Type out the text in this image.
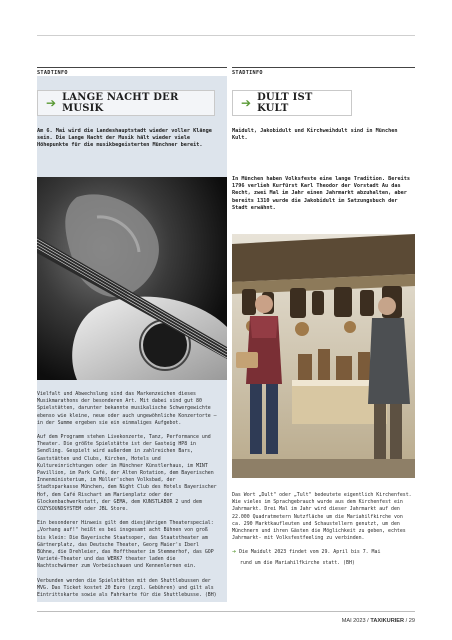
STADTINFO
➔ LANGE NACHT DER MUSIK
Am 6. Mai wird die Landeshauptstadt wieder voller Klänge sein. Die Lange Nacht der Musik hält wieder viele Höhepunkte für die musikbegeisterten Münchner bereit.

Vielfalt und Abwechslung sind das Markenzeichen dieses Musikmarathons der besonderen Art. Mit dabei sind gut 80 Spielstätten, darunter bekannte musikalische Schwergewichte ebenso wie kleine, neue oder auch ungewöhnliche Konzertorte – in der Summe ergeben sie ein einmaliges Aufgebot.

Auf dem Programm stehen Livekonzerte, Tanz, Performance und Theater. Die größte Spielstätte ist der Gasteig HP8 in Sendling. Gespielt wird außerdem in zahlreichen Bars, Gaststätten und Clubs, Kirchen, Hotels und Kultureinrichtungen oder im Münchner Künstlerhaus, im MINT Pavillion, im Park Café, der Alten Rotation, dem Bayerischen Innenministerium, im Müller'schen Volksbad, der Stadtsparkasse München, dem Night Club des Hotels Bayerischer Hof, dem Café Rischart am Marienplatz oder der Glockenbachwerkstatt, der GEMA, dem KUNSTLABOR 2 und dem COZYSOUNDSYSTEM oder JBL Store.

Ein besonderer Hinweis gilt dem diesjährigen Theaterspecial: „Vorhang auf!" heißt es bei insgesamt acht Bühnen von groß bis klein: Die Bayerische Staatsoper, das Staatstheater am Gärtnerplatz, das Deutsche Theater, Georg Maier's Iberl Bühne, die Drehleier, das Hofftheater im Stemmerhof, das GOP Varieté-Theater und das WERK7 theater laden die Nachtschwärmer zum Vorbeischauen und Kennenlernen ein.

Verbunden werden die Spielstätten mit den Shuttlebussen der MVG. Das Ticket kostet 20 Euro (zzgl. Gebühren) und gilt als Eintrittskarte sowie als Fahrkarte für die Shuttlebusse. (BH)

STADTINFO
➔ DULT IST KULT
Maidult, Jakobidult und Kirchweihdult sind in München Kult.
In München haben Volksfeste eine lange Tradition. Bereits 1796 verlieh Kurfürst Karl Theodor der Vorstadt Au das Recht, zwei Mal im Jahr einen Jahrmarkt abzuhalten, aber bereits 1310 wurde die Jakobidult im Satzungsbuch der Stadt erwähnt.

Das Wort „Dult" oder „Tult" bedeutete eigentlich Kirchenfest. Wie vieles im Sprachgebrauch wurde aus dem Kirchenfest ein Jahrmarkt. Drei Mal im Jahr wird dieser Jahrmarkt auf den 22.000 Quadratmetern Nutzfläche um die Mariahilfkirche von ca. 290 Marktkaufleuten und Schaustellern genutzt, um den Münchnern und ihren Gästen die Möglichkeit zu geben, echtes Jahrmarkt- mit Volksfestfeeling zu verbinden.

➔ Die Maidult 2023 findet vom 29. April bis 7. Mai
rund um die Mariahilfkirche statt. (BH)

MAI 2023 / TAXIKURIER / 29
